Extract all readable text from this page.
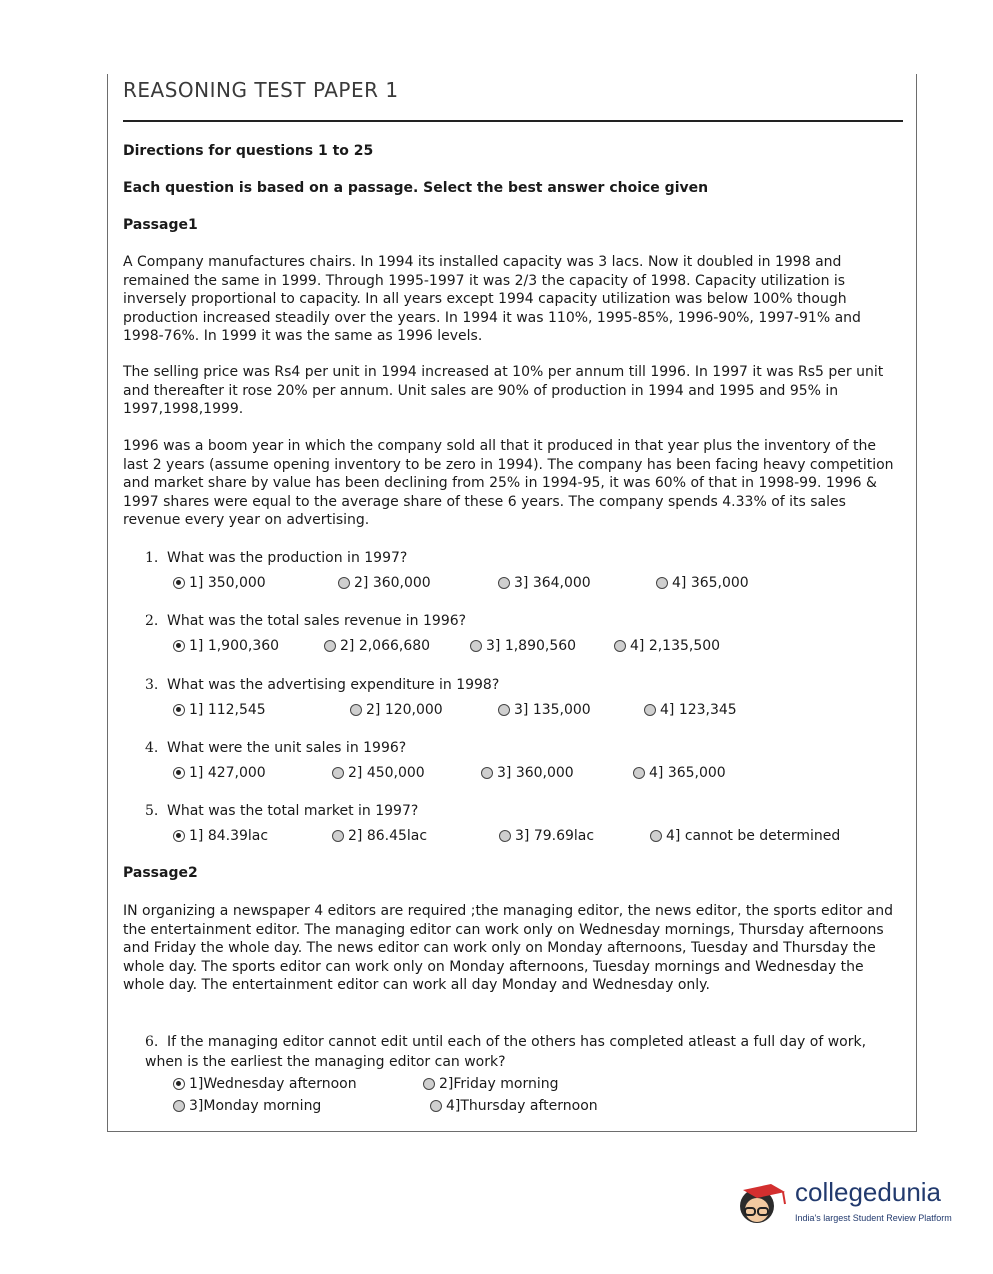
REASONING TEST PAPER 1
Directions for questions 1 to 25
Each question is based on a passage. Select the best answer choice given
Passage1
A Company manufactures chairs. In 1994 its installed capacity was 3 lacs. Now it doubled in 1998 and remained the same in 1999. Through 1995-1997 it was 2/3 the capacity of 1998. Capacity utilization is inversely proportional to capacity. In all years except 1994 capacity utilization was below 100% though production increased steadily over the years. In 1994 it was 110%, 1995-85%, 1996-90%, 1997-91% and 1998-76%. In 1999 it was the same as 1996 levels.
The selling price was Rs4 per unit in 1994 increased at 10% per annum till 1996. In 1997 it was Rs5 per unit and thereafter it rose 20% per annum. Unit sales are 90% of production in 1994 and 1995 and 95% in 1997,1998,1999.
1996 was a boom year in which the company sold all that it produced in that year plus the inventory of the last 2 years (assume opening inventory to be zero in 1994). The company has been facing heavy competition and market share by value has been declining from 25% in 1994-95, it was 60% of that in 1998-99. 1996 & 1997 shares were equal to the average share of these 6 years. The company spends 4.33% of its sales revenue every year on advertising.
1. What was the production in 1997?
1] 350,000	2] 360,000	3] 364,000	4] 365,000
2. What was the total sales revenue in 1996?
1] 1,900,360	2] 2,066,680	3] 1,890,560	4] 2,135,500
3. What was the advertising expenditure in 1998?
1] 112,545	2] 120,000	3] 135,000	4] 123,345
4. What were the unit sales in 1996?
1] 427,000	2] 450,000	3] 360,000	4] 365,000
5. What was the total market in 1997?
1] 84.39lac	2] 86.45lac	3] 79.69lac	4] cannot be determined
Passage2
IN organizing a newspaper 4 editors are required ;the managing editor, the news editor, the sports editor and the entertainment editor. The managing editor can work only on Wednesday mornings, Thursday afternoons and Friday the whole day. The news editor can work only on Monday afternoons, Tuesday and Thursday the whole day. The sports editor can work only on Monday afternoons, Tuesday mornings and Wednesday the whole day. The entertainment editor can work all day Monday and Wednesday only.
6. If the managing editor cannot edit until each of the others has completed atleast a full day of work, when is the earliest the managing editor can work?
1]Wednesday afternoon	2]Friday morning
3]Monday morning	4]Thursday afternoon
collegedunia
India's largest Student Review Platform
